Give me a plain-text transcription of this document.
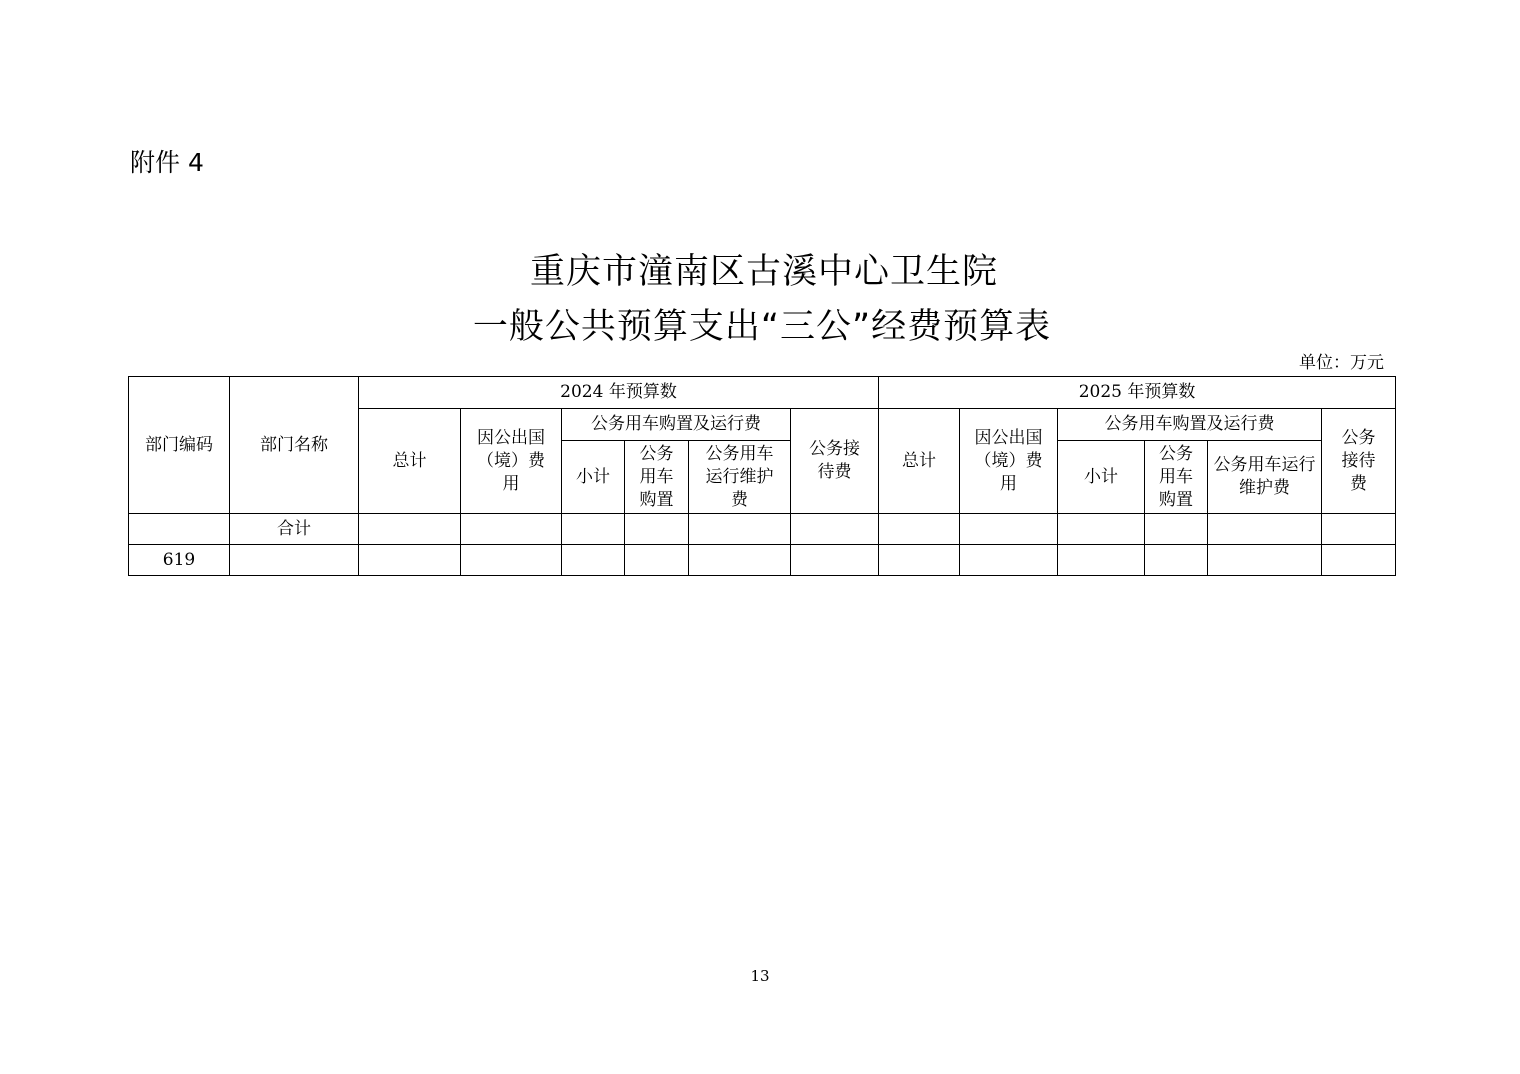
附件 4
重庆市潼南区古溪中心卫生院
一般公共预算支出“三公”经费预算表
单位：万元
部门编码	部门名称	2024 年预算数						2025 年预算数					
		总计	因公出国（境）费用	公务用车购置及运行费			公务接待费	总计	因公出国（境）费用	公务用车购置及运行费			公务接待费
				小计	公务用车购置	公务用车运行维护费				小计	公务用车购置	公务用车运行维护费	
	合计												
619													
13
